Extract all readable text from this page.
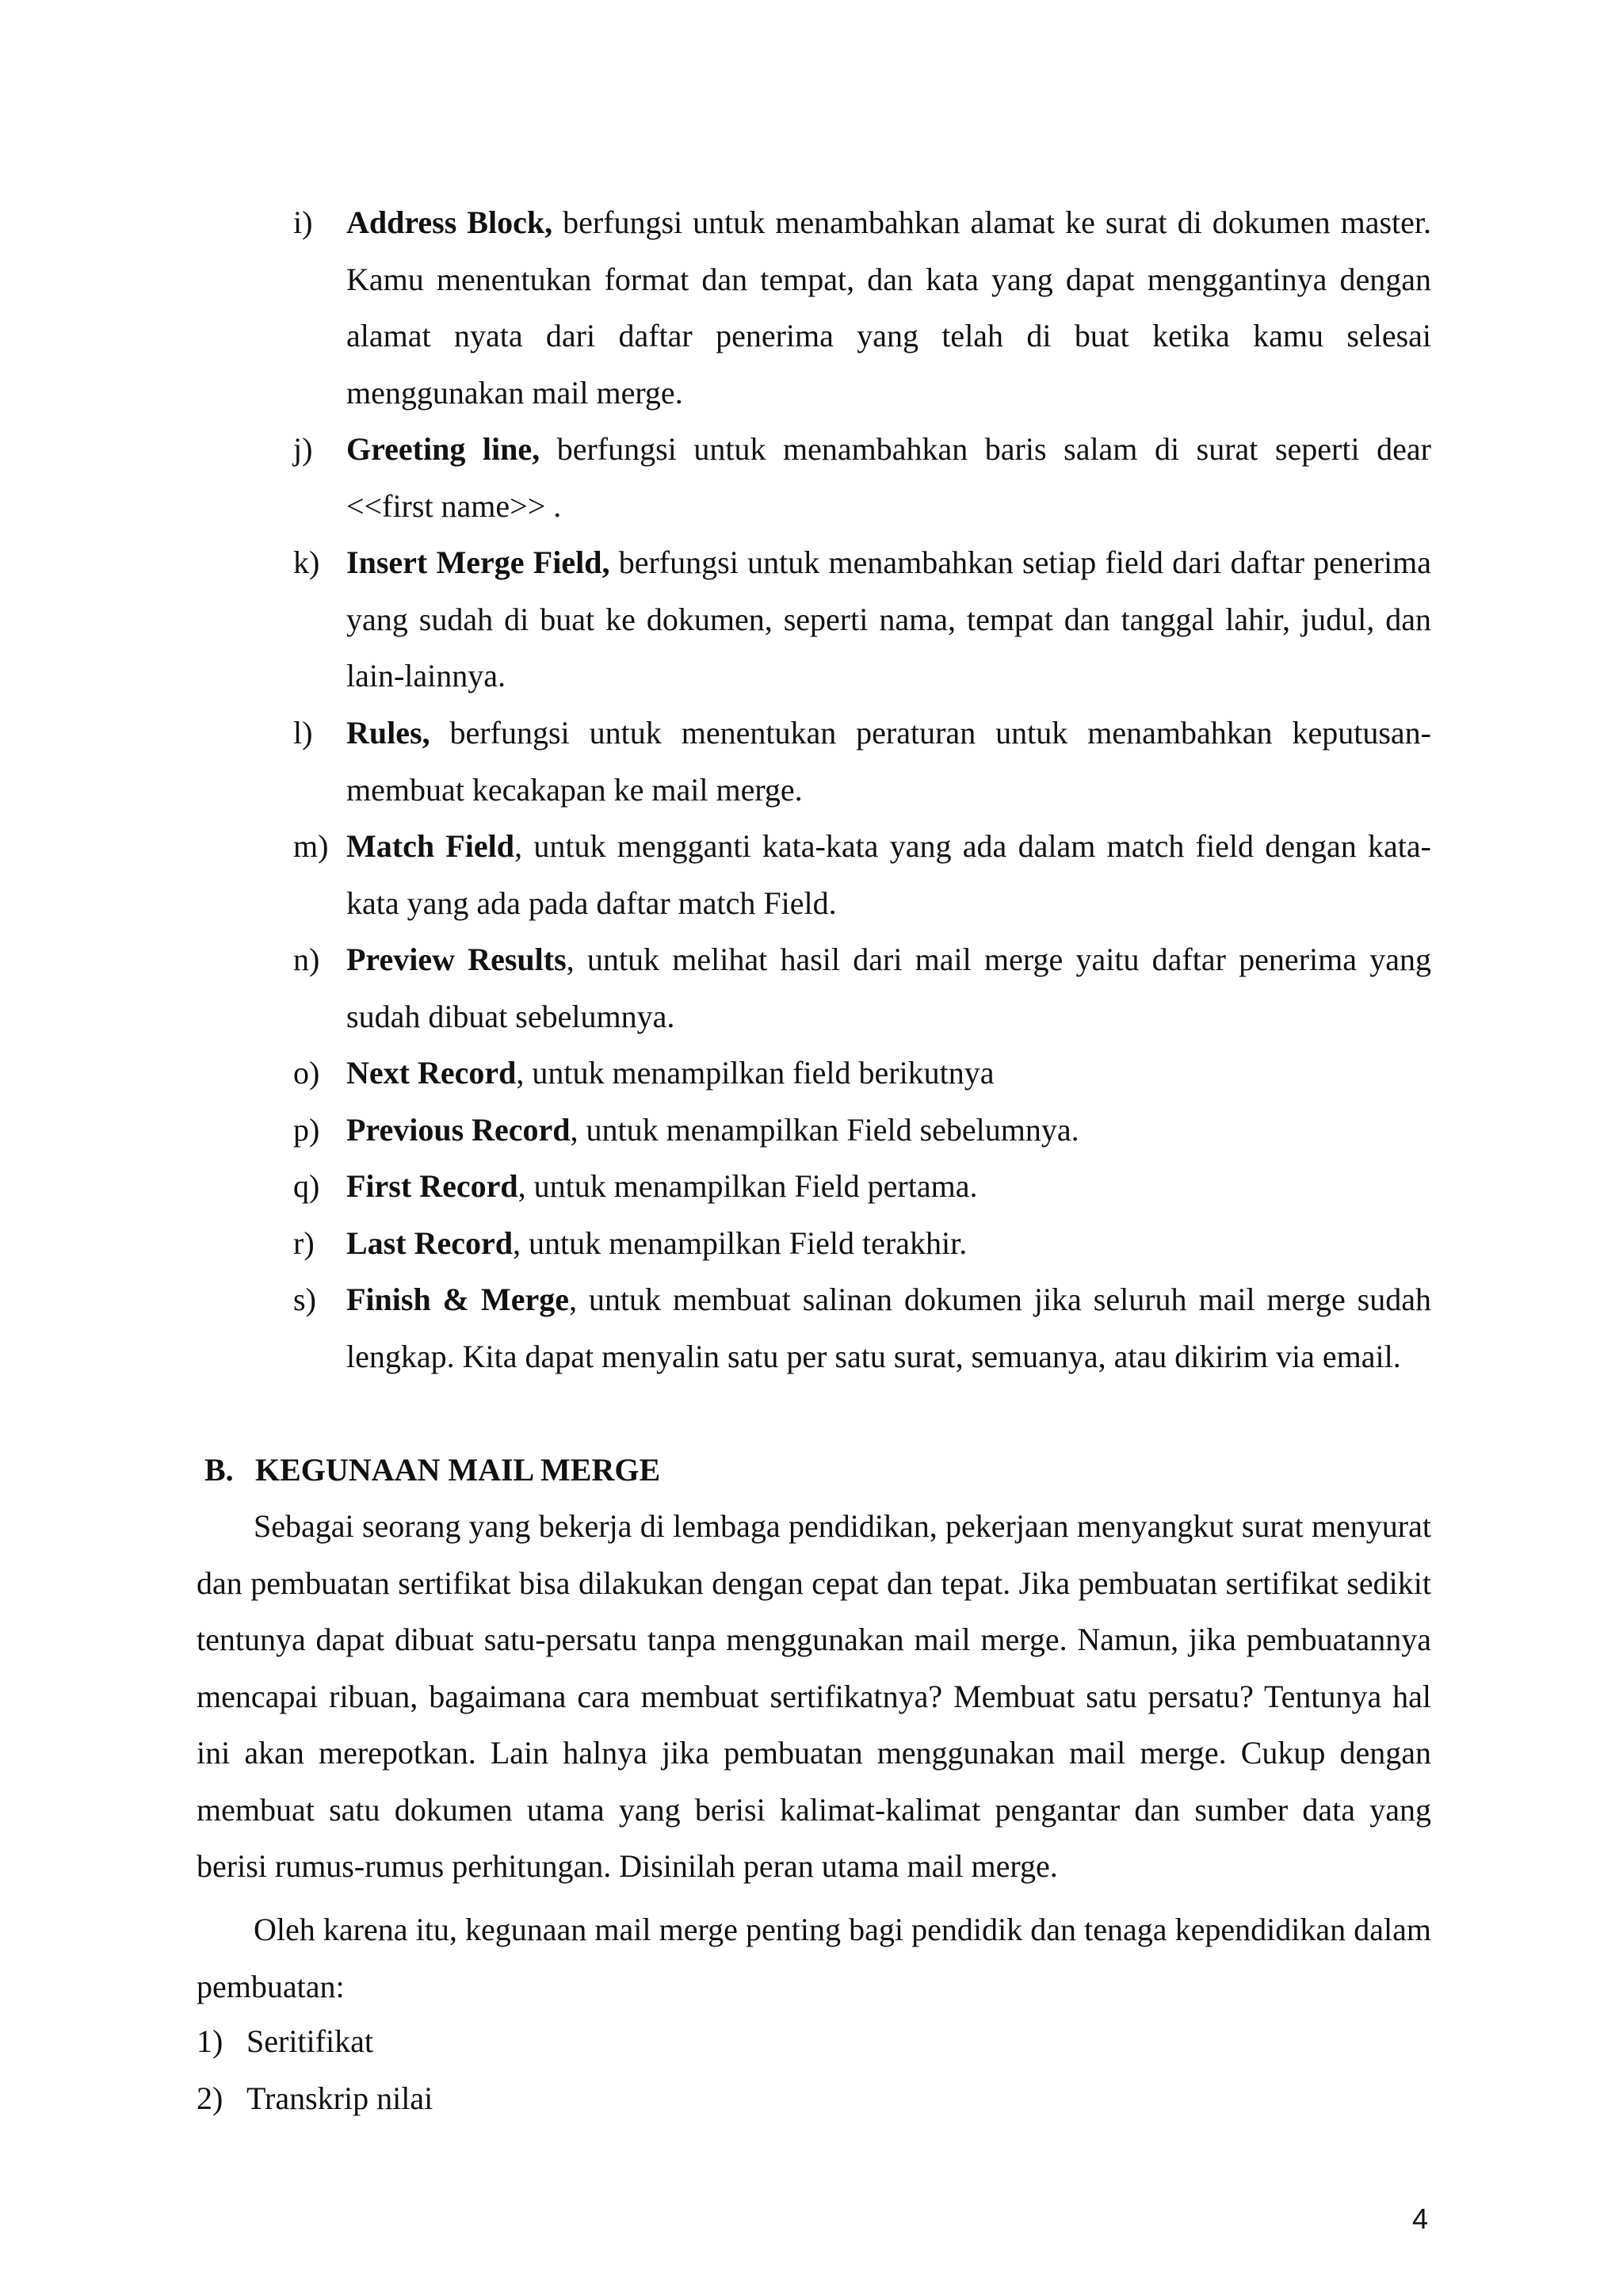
i) Address Block, berfungsi untuk menambahkan alamat ke surat di dokumen master. Kamu menentukan format dan tempat, dan kata yang dapat menggantinya dengan alamat nyata dari daftar penerima yang telah di buat ketika kamu selesai menggunakan mail merge.
j) Greeting line, berfungsi untuk menambahkan baris salam di surat seperti dear <<first name>> .
k) Insert Merge Field, berfungsi untuk menambahkan setiap field dari daftar penerima yang sudah di buat ke dokumen, seperti nama, tempat dan tanggal lahir, judul, dan lain-lainnya.
l) Rules, berfungsi untuk menentukan peraturan untuk menambahkan keputusan-membuat kecakapan ke mail merge.
m) Match Field, untuk mengganti kata-kata yang ada dalam match field dengan kata-kata yang ada pada daftar match Field.
n) Preview Results, untuk melihat hasil dari mail merge yaitu daftar penerima yang sudah dibuat sebelumnya.
o) Next Record, untuk menampilkan field berikutnya
p) Previous Record, untuk menampilkan Field sebelumnya.
q) First Record, untuk menampilkan Field pertama.
r) Last Record, untuk menampilkan Field terakhir.
s) Finish & Merge, untuk membuat salinan dokumen jika seluruh mail merge sudah lengkap. Kita dapat menyalin satu per satu surat, semuanya, atau dikirim via email.
B. KEGUNAAN MAIL MERGE
Sebagai seorang yang bekerja di lembaga pendidikan, pekerjaan menyangkut surat menyurat dan pembuatan sertifikat bisa dilakukan dengan cepat dan tepat. Jika pembuatan sertifikat sedikit tentunya dapat dibuat satu-persatu tanpa menggunakan mail merge. Namun, jika pembuatannya mencapai ribuan, bagaimana cara membuat sertifikatnya? Membuat satu persatu? Tentunya hal ini akan merepotkan. Lain halnya jika pembuatan menggunakan mail merge. Cukup dengan membuat satu dokumen utama yang berisi kalimat-kalimat pengantar dan sumber data yang berisi rumus-rumus perhitungan. Disinilah peran utama mail merge.
Oleh karena itu, kegunaan mail merge penting bagi pendidik dan tenaga kependidikan dalam pembuatan:
1) Seritifikat
2) Transkrip nilai
4
